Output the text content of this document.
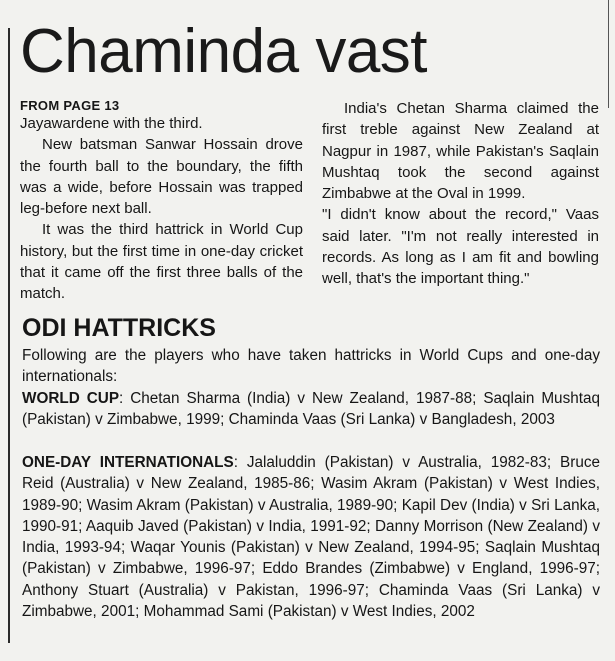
Chaminda vast
FROM PAGE 13

Jayawardene with the third.

New batsman Sanwar Hossain drove the fourth ball to the boundary, the fifth was a wide, before Hossain was trapped leg-before next ball.

It was the third hattrick in World Cup history, but the first time in one-day cricket that it came off the first three balls of the match.

India's Chetan Sharma claimed the first treble against New Zealand at Nagpur in 1987, while Pakistan's Saqlain Mushtaq took the second against Zimbabwe at the Oval in 1999.

"I didn't know about the record," Vaas said later. "I'm not really interested in records. As long as I am fit and bowling well, that's the important thing."

ODI HATTRICKS

Following are the players who have taken hattricks in World Cups and one-day internationals:

WORLD CUP: Chetan Sharma (India) v New Zealand, 1987-88; Saqlain Mushtaq (Pakistan) v Zimbabwe, 1999; Chaminda Vaas (Sri Lanka) v Bangladesh, 2003

ONE-DAY INTERNATIONALS: Jalaluddin (Pakistan) v Australia, 1982-83; Bruce Reid (Australia) v New Zealand, 1985-86; Wasim Akram (Pakistan) v West Indies, 1989-90; Wasim Akram (Pakistan) v Australia, 1989-90; Kapil Dev (India) v Sri Lanka, 1990-91; Aaquib Javed (Pakistan) v India, 1991-92; Danny Morrison (New Zealand) v India, 1993-94; Waqar Younis (Pakistan) v New Zealand, 1994-95; Saqlain Mushtaq (Pakistan) v Zimbabwe, 1996-97; Eddo Brandes (Zimbabwe) v England, 1996-97; Anthony Stuart (Australia) v Pakistan, 1996-97; Chaminda Vaas (Sri Lanka) v Zimbabwe, 2001; Mohammad Sami (Pakistan) v West Indies, 2002
